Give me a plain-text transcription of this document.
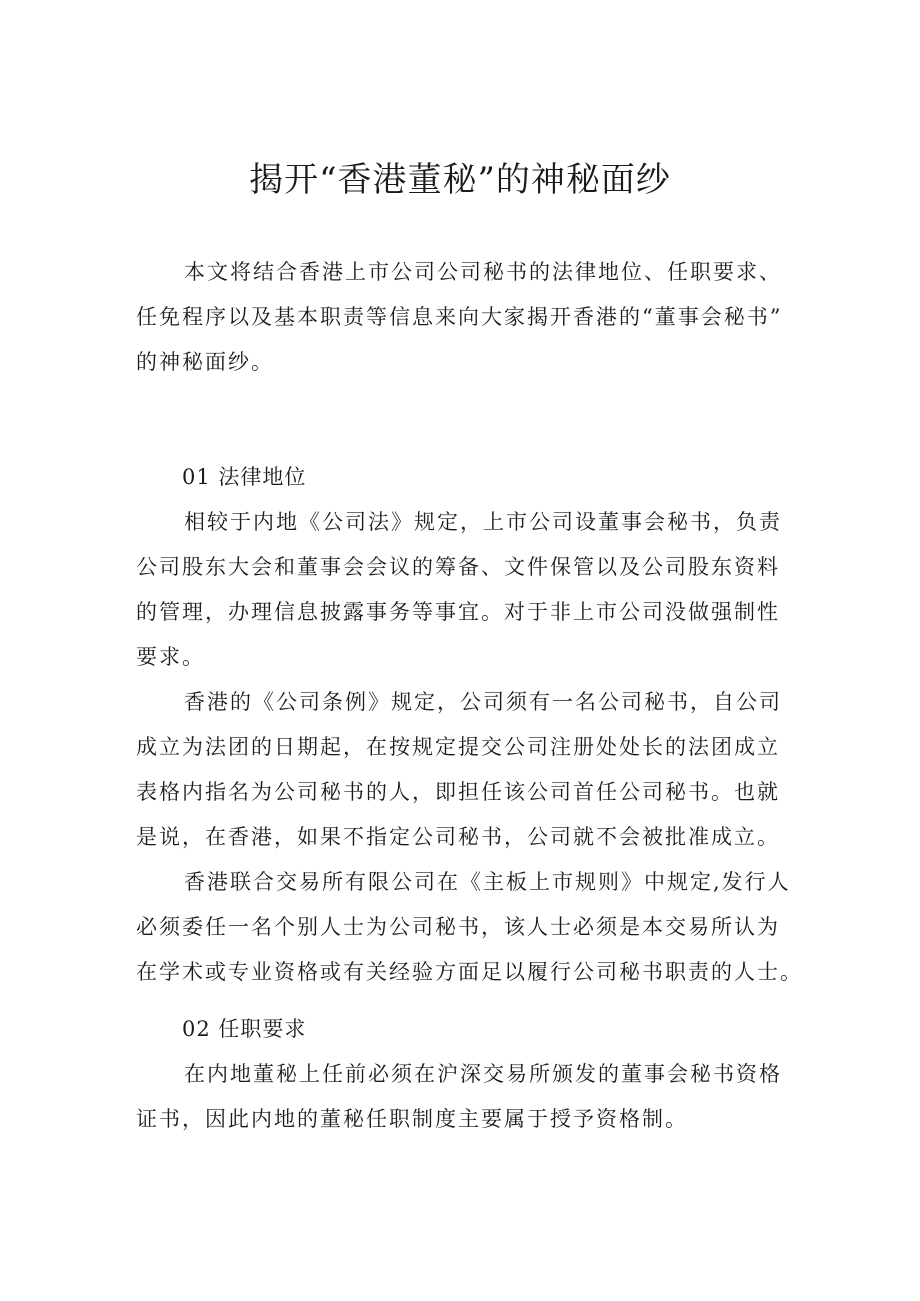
揭开“香港董秘”的神秘面纱

本文将结合香港上市公司公司秘书的法律地位、任职要求、
任免程序以及基本职责等信息来向大家揭开香港的“董事会秘书”
的神秘面纱。

01 法律地位

相较于内地《公司法》规定，上市公司设董事会秘书，负责
公司股东大会和董事会会议的筹备、文件保管以及公司股东资料
的管理，办理信息披露事务等事宜。对于非上市公司没做强制性
要求。

香港的《公司条例》规定，公司须有一名公司秘书，自公司
成立为法团的日期起，在按规定提交公司注册处处长的法团成立
表格内指名为公司秘书的人，即担任该公司首任公司秘书。也就
是说，在香港，如果不指定公司秘书，公司就不会被批准成立。

香港联合交易所有限公司在《主板上市规则》中规定,发行人
必须委任一名个别人士为公司秘书，该人士必须是本交易所认为
在学术或专业资格或有关经验方面足以履行公司秘书职责的人士。

02 任职要求

在内地董秘上任前必须在沪深交易所颁发的董事会秘书资格
证书，因此内地的董秘任职制度主要属于授予资格制。
